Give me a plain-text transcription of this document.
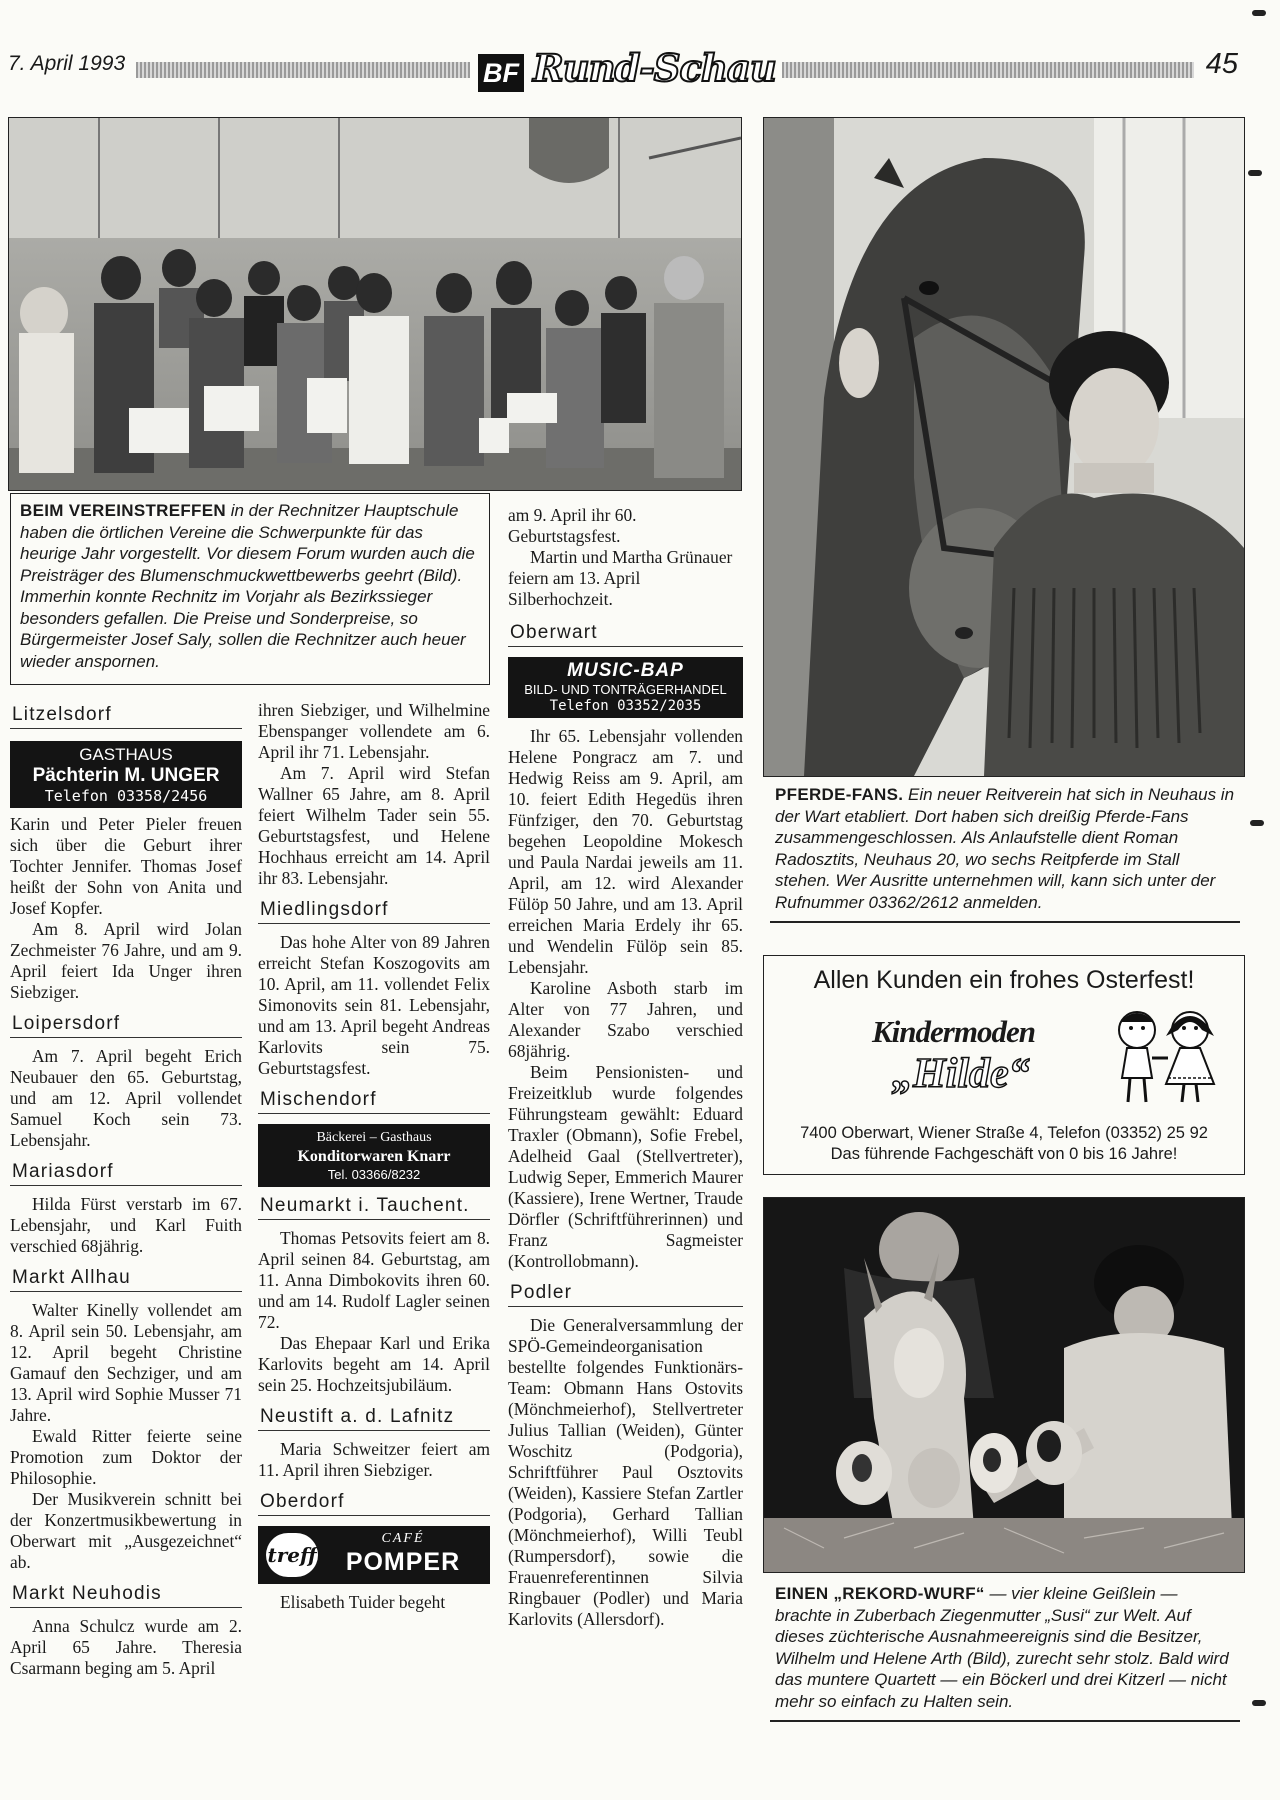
7. April 1993	BF Rund-Schau	45
BEIM VEREINSTREFFEN in der Rechnitzer Hauptschule haben die örtlichen Vereine die Schwerpunkte für das heurige Jahr vorgestellt. Vor diesem Forum wurden auch die Preisträger des Blumenschmuckwettbewerbs geehrt (Bild). Immerhin konnte Rechnitz im Vorjahr als Bezirkssieger besonders gefallen. Die Preise und Sonderpreise, so Bürgermeister Josef Saly, sollen die Rechnitzer auch heuer wieder anspornen.
PFERDE-FANS. Ein neuer Reitverein hat sich in Neuhaus in der Wart etabliert. Dort haben sich dreißig Pferde-Fans zusammengeschlossen. Als Anlaufstelle dient Roman Radosztits, Neuhaus 20, wo sechs Reitpferde im Stall stehen. Wer Ausritte unternehmen will, kann sich unter der Rufnummer 03362/2612 anmelden.
Allen Kunden ein frohes Osterfest!
Kindermoden
„Hilde“
7400 Oberwart, Wiener Straße 4, Telefon (03352) 25 92
Das führende Fachgeschäft von 0 bis 16 Jahre!
EINEN „REKORD-WURF“ — vier kleine Geißlein — brachte in Zuberbach Ziegenmutter „Susi“ zur Welt. Auf dieses züchterische Ausnahmeereignis sind die Besitzer, Wilhelm und Helene Arth (Bild), zurecht sehr stolz. Bald wird das muntere Quartett — ein Böckerl und drei Kitzerl — nicht mehr so einfach zu Halten sein.
Litzelsdorf
GASTHAUS
Pächterin M. UNGER
Telefon 03358/2456

Karin und Peter Pieler freuen sich über die Geburt ihrer Tochter Jennifer. Thomas Josef heißt der Sohn von Anita und Josef Kopfer.

Am 8. April wird Jolan Zechmeister 76 Jahre, und am 9. April feiert Ida Unger ihren Siebziger.

Loipersdorf

Am 7. April begeht Erich Neubauer den 65. Geburtstag, und am 12. April vollendet Samuel Koch sein 73. Lebensjahr.

Mariasdorf

Hilda Fürst verstarb im 67. Lebensjahr, und Karl Fuith verschied 68jährig.

Markt Allhau

Walter Kinelly vollendet am 8. April sein 50. Lebensjahr, am 12. April begeht Christine Gamauf den Sechziger, und am 13. April wird Sophie Musser 71 Jahre.

Ewald Ritter feierte seine Promotion zum Doktor der Philosophie.

Der Musikverein schnitt bei der Konzertmusikbewertung in Oberwart mit „Ausgezeichnet“ ab.

Markt Neuhodis

Anna Schulcz wurde am 2. April 65 Jahre. Theresia Csarmann beging am 5. April

ihren Siebziger, und Wilhelmine Ebenspanger vollendete am 6. April ihr 71. Lebensjahr.

Am 7. April wird Stefan Wallner 65 Jahre, am 8. April feiert Wilhelm Tader sein 55. Geburtstagsfest, und Helene Hochhaus erreicht am 14. April ihr 83. Lebensjahr.

Miedlingsdorf

Das hohe Alter von 89 Jahren erreicht Stefan Koszogovits am 10. April, am 11. vollendet Felix Simonovits sein 81. Lebensjahr, und am 13. April begeht Andreas Karlovits sein 75. Geburtstagsfest.

Mischendorf
Bäckerei – Gasthaus
Konditorwaren Knarr
Tel. 03366/8232
Neumarkt i. Tauchent.

Thomas Petsovits feiert am 8. April seinen 84. Geburtstag, am 11. Anna Dimbokovits ihren 60. und am 14. Rudolf Lagler seinen 72.

Das Ehepaar Karl und Erika Karlovits begeht am 14. April sein 25. Hochzeitsjubiläum.

Neustift a. d. Lafnitz

Maria Schweitzer feiert am 11. April ihren Siebziger.

Oberdorf
treff
CAFÉ
POMPER

Elisabeth Tuider begeht

am 9. April ihr 60. Geburtstagsfest.

Martin und Martha Grünauer feiern am 13. April Silberhochzeit.

Oberwart
MUSIC-BAP
BILD- UND TONTRÄGERHANDEL
Telefon 03352/2035

Ihr 65. Lebensjahr vollenden Helene Pongracz am 7. und Hedwig Reiss am 9. April, am 10. feiert Edith Hegedüs ihren Fünfziger, den 70. Geburtstag begehen Leopoldine Mokesch und Paula Nardai jeweils am 11. April, am 12. wird Alexander Fülöp 50 Jahre, und am 13. April erreichen Maria Erdely ihr 65. und Wendelin Fülöp sein 85. Lebensjahr.

Karoline Asboth starb im Alter von 77 Jahren, und Alexander Szabo verschied 68jährig.

Beim Pensionisten- und Freizeitklub wurde folgendes Führungsteam gewählt: Eduard Traxler (Obmann), Sofie Frebel, Adelheid Gaal (Stellvertreter), Ludwig Seper, Emmerich Maurer (Kassiere), Irene Wertner, Traude Dörfler (Schriftführerinnen) und Franz Sagmeister (Kontrollobmann).

Podler

Die Generalversammlung der SPÖ-Gemeindeorganisation bestellte folgendes Funktionärs-Team: Obmann Hans Ostovits (Mönchmeierhof), Stellvertreter Julius Tallian (Weiden), Günter Woschitz (Podgoria), Schriftführer Paul Osztovits (Weiden), Kassiere Stefan Zartler (Podgoria), Gerhard Tallian (Mönchmeierhof), Willi Teubl (Rumpersdorf), sowie die Frauenreferentinnen Silvia Ringbauer (Podler) und Maria Karlovits (Allersdorf).
